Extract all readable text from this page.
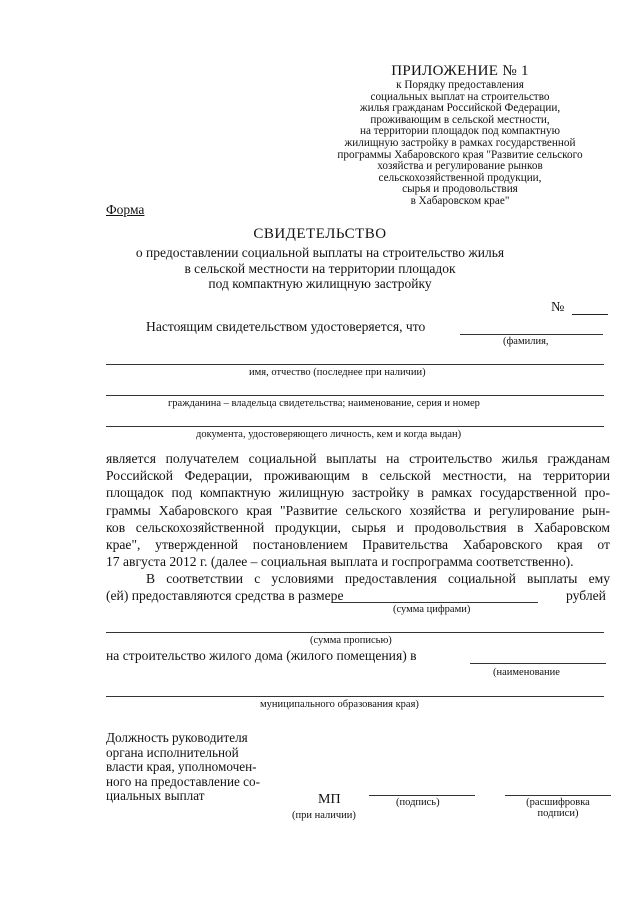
ПРИЛОЖЕНИЕ № 1
к Порядку предоставления
социальных выплат на строительство
жилья гражданам Российской Федерации,
проживающим в сельской местности,
на территории площадок под компактную
жилищную застройку в рамках государственной
программы Хабаровского края "Развитие сельского
хозяйства и регулирование рынков
сельскохозяйственной продукции,
сырья и продовольствия
в Хабаровском крае"
Форма
СВИДЕТЕЛЬСТВО
о предоставлении социальной выплаты на строительство жилья
в сельской местности на территории площадок
под компактную жилищную застройку
№
Настоящим свидетельством удостоверяется, что
(фамилия,
имя, отчество (последнее при наличии)
гражданина – владельца свидетельства; наименование, серия и номер
документа, удостоверяющего личность, кем и когда выдан)
является получателем социальной выплаты на строительство жилья гражданам
Российской Федерации, проживающим в сельской местности, на территории
площадок под компактную жилищную застройку в рамках государственной про-
граммы Хабаровского края "Развитие сельского хозяйства и регулирование рын-
ков сельскохозяйственной продукции, сырья и продовольствия в Хабаровском
крае", утвержденной постановлением Правительства Хабаровского края от
17 августа 2012 г. (далее – социальная выплата и госпрограмма соответственно).
В соответствии с условиями предоставления социальной выплаты ему
(ей) предоставляются средства в размере	рублей
(сумма цифрами)
(сумма прописью)
на строительство жилого дома (жилого помещения) в
(наименование
муниципального образования края)
Должность руководителя
органа исполнительной
власти края, уполномочен-
ного на предоставление со-
циальных выплат	МП
(при наличии)
(подпись)	(расшифровка
подписи)
